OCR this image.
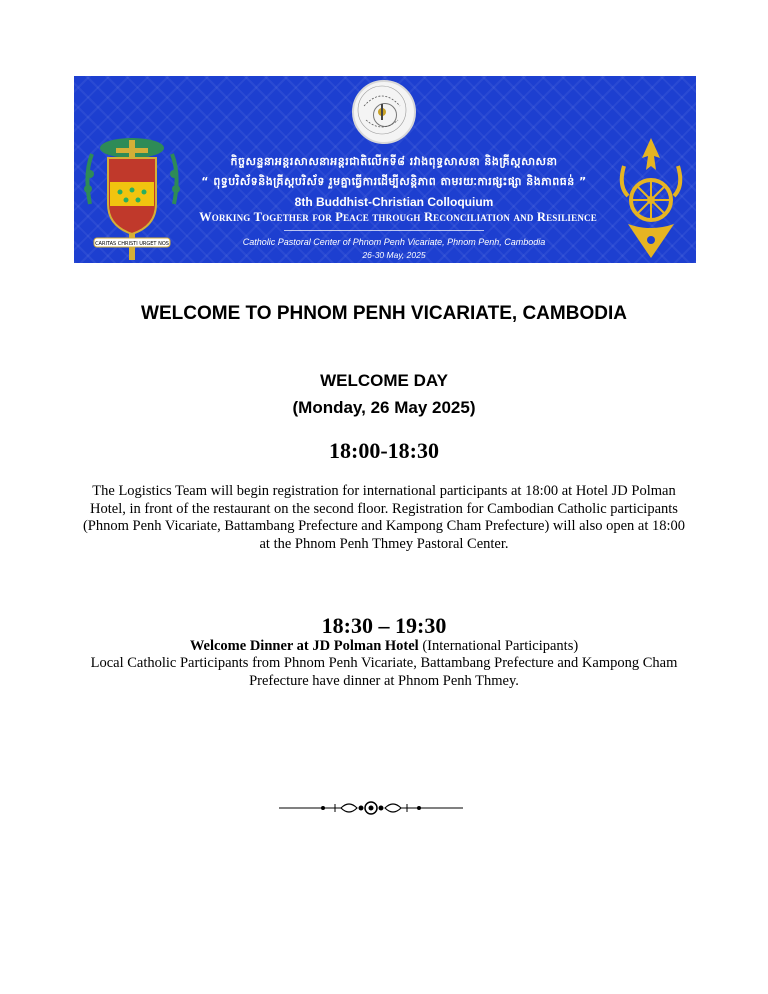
CARITAS CHRISTI URGET NOS
កិច្ចសន្ទនាអន្តរសាសនាអន្តរជាតិលើកទី៨ រវាងពុទ្ធសាសនា និងគ្រីស្តសាសនា
“ ពុទ្ធបរិស័ទនិងគ្រីស្តបរិស័ទ រួមគ្នាធ្វើការដើម្បីសន្តិភាព តាមរយៈការផ្សះផ្សា និងភាពធន់ ”
8th Buddhist-Christian Colloquium
Working Together for Peace through Reconciliation and Resilience
Catholic Pastoral Center of Phnom Penh Vicariate, Phnom Penh, Cambodia
26-30 May, 2025
WELCOME TO PHNOM PENH VICARIATE, CAMBODIA
WELCOME DAY
(Monday, 26 May 2025)
18:00-18:30

The Logistics Team will begin registration for international participants at 18:00 at Hotel JD Polman Hotel, in front of the restaurant on the second floor. Registration for Cambodian Catholic participants (Phnom Penh Vicariate, Battambang Prefecture and Kampong Cham Prefecture) will also open at 18:00 at the Phnom Penh Thmey Pastoral Center.

18:30 – 19:30
Welcome Dinner at JD Polman Hotel (International Participants)

Local Catholic Participants from Phnom Penh Vicariate, Battambang Prefecture and Kampong Cham Prefecture have dinner at Phnom Penh Thmey.
